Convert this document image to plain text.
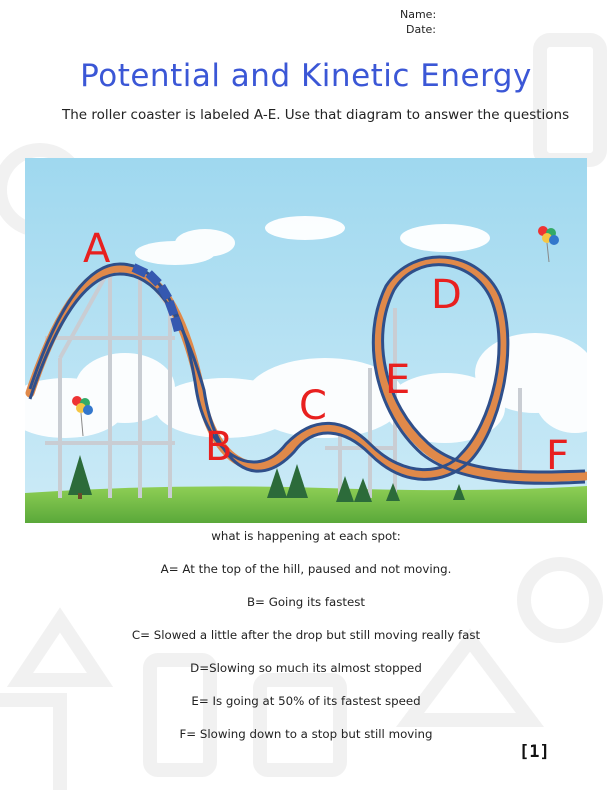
Name:
Date:
Potential and Kinetic Energy
The roller coaster is labeled A-E. Use that diagram to answer the questions
A
B
C
D
E
F
what is happening at each spot:
A= At the top of the hill, paused and not moving.
B= Going its fastest
C= Slowed a little after the drop but still moving really fast
D=Slowing so much its almost stopped
E= Is going at 50% of its fastest speed
F= Slowing down to a stop but still moving
[1]
